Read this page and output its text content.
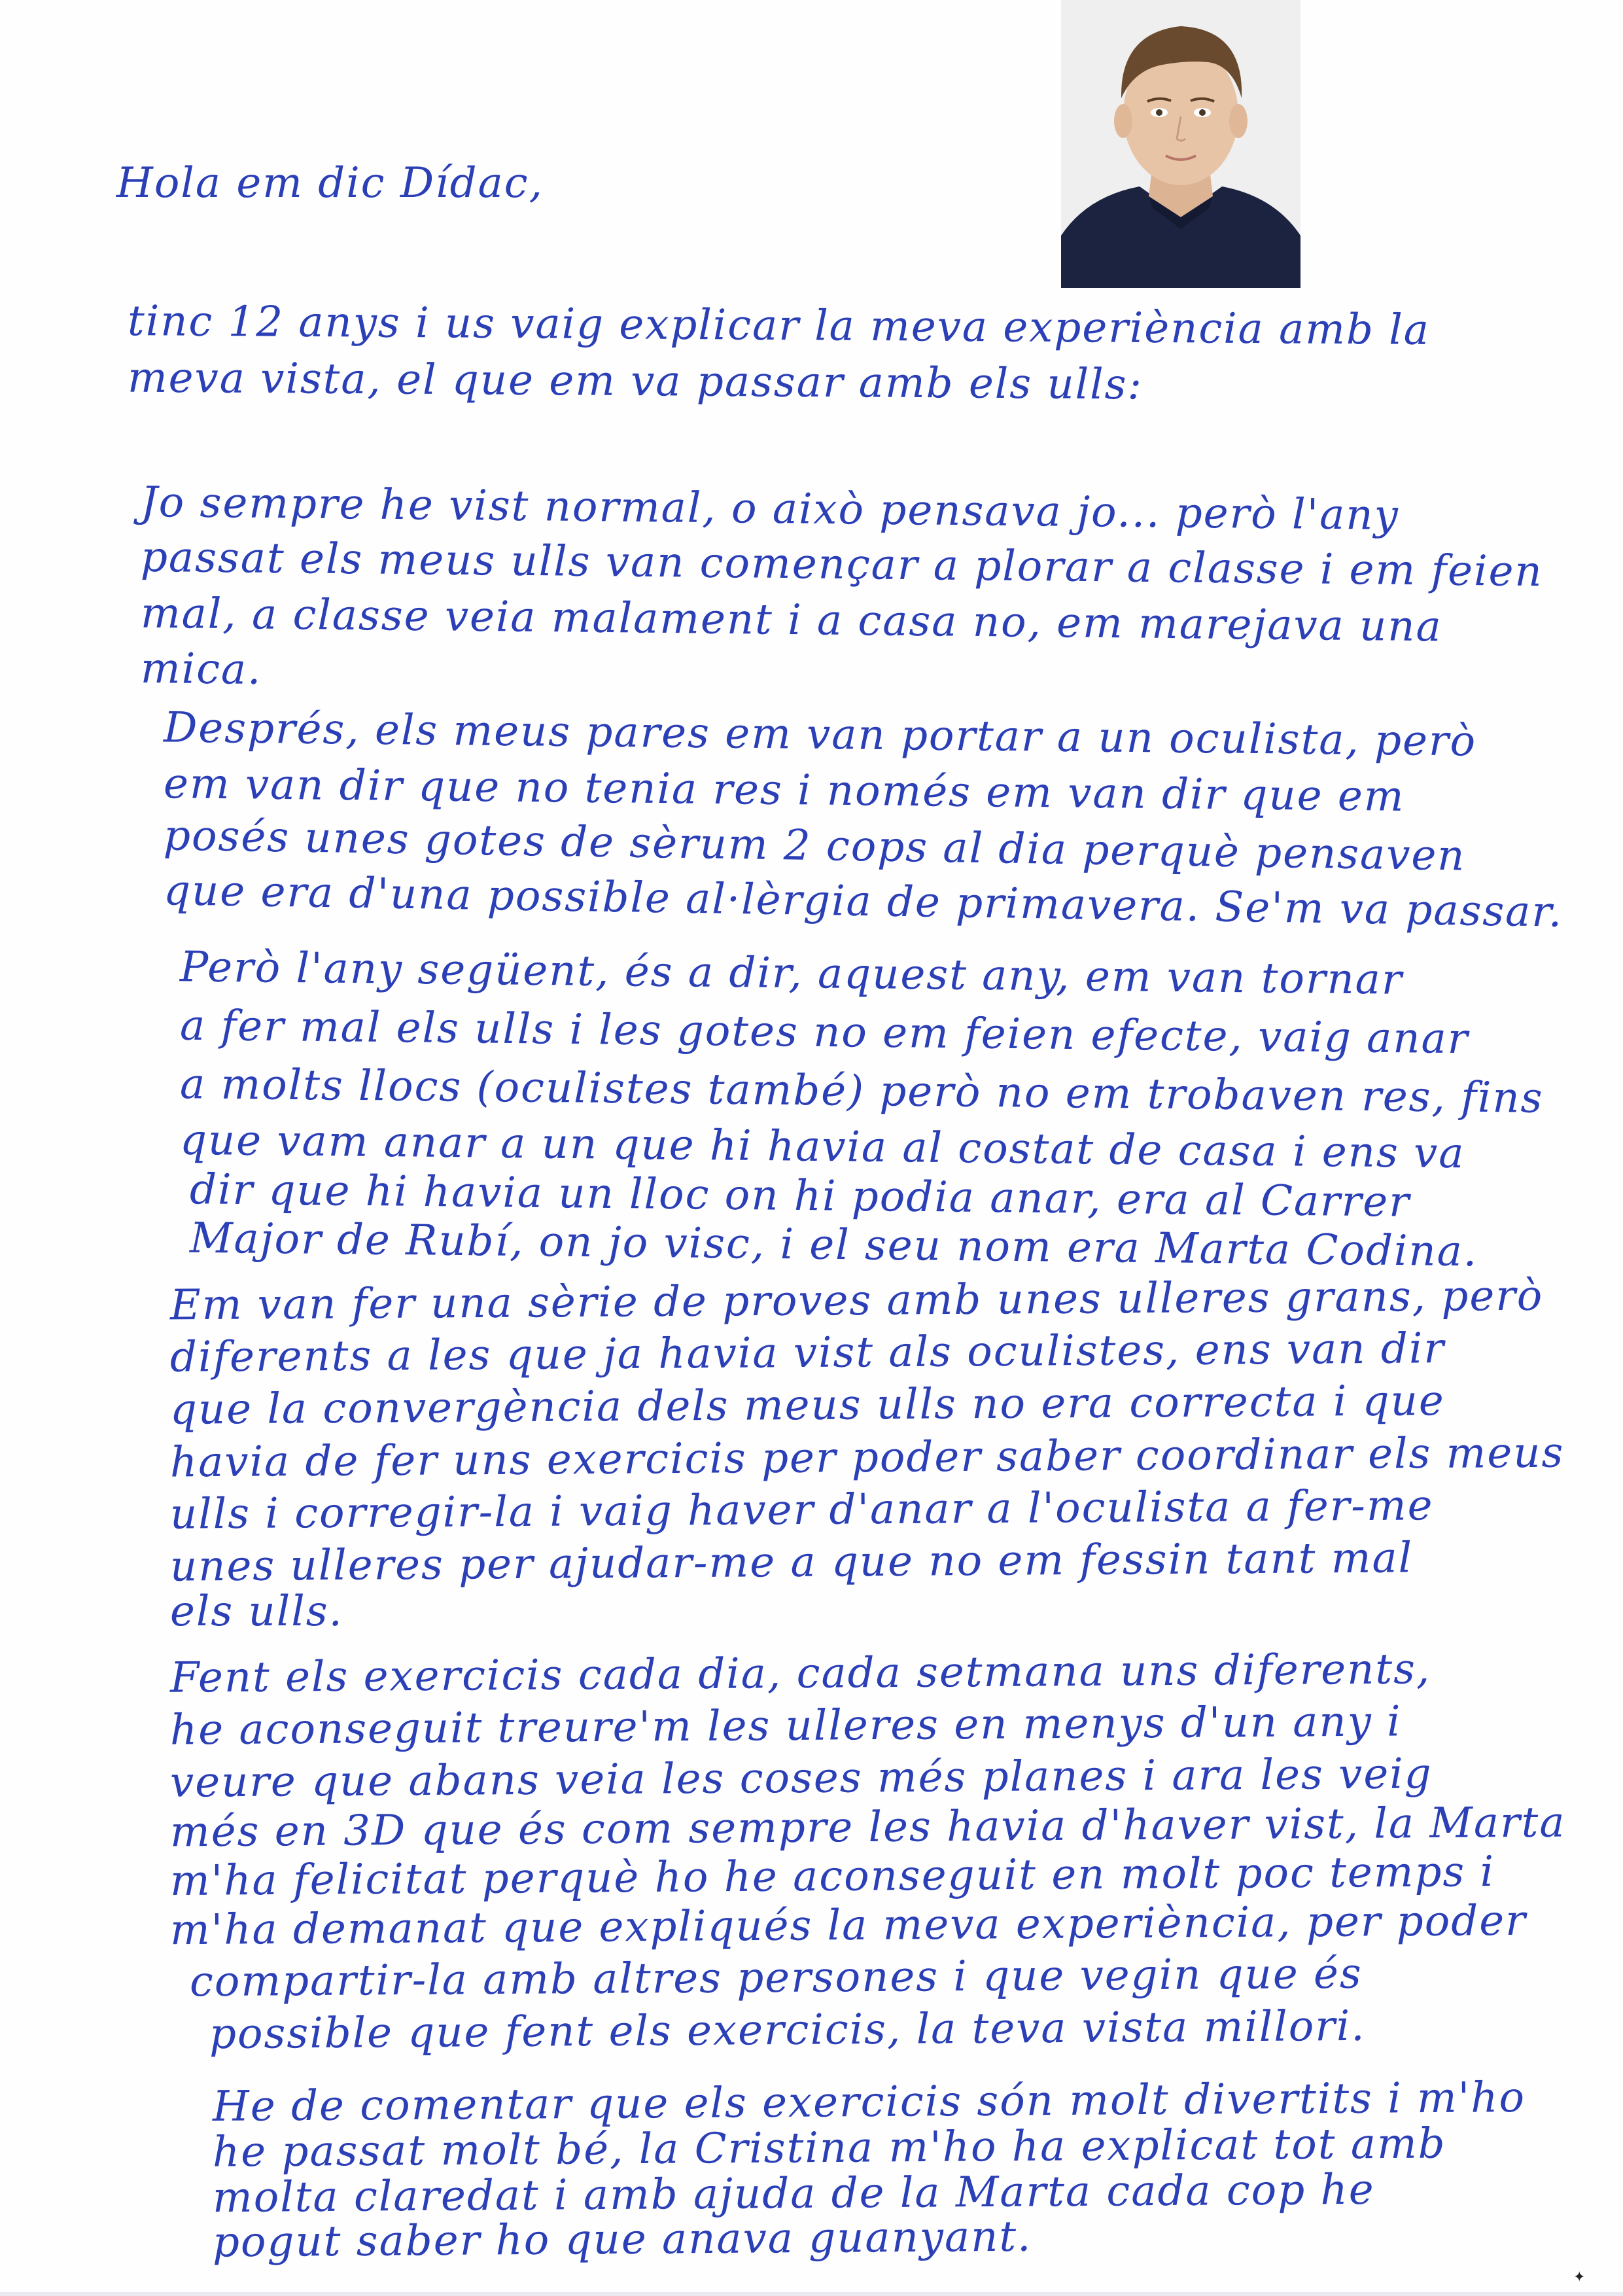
Hola em dic Dídac,
tinc 12 anys i us vaig explicar la meva experiència amb la
meva vista, el que em va passar amb els ulls:
Jo sempre he vist normal, o això pensava jo... però l'any
passat els meus ulls van començar a plorar a classe i em feien
mal, a classe veia malament i a casa no, em marejava una
mica.
Després, els meus pares em van portar a un oculista, però
em van dir que no tenia res i només em van dir que em
posés unes gotes de sèrum 2 cops al dia perquè pensaven
que era d'una possible al·lèrgia de primavera. Se'm va passar.
Però l'any següent, és a dir, aquest any, em van tornar
a fer mal els ulls i les gotes no em feien efecte, vaig anar
a molts llocs (oculistes també) però no em trobaven res, fins
que vam anar a un que hi havia al costat de casa i ens va
dir que hi havia un lloc on hi podia anar, era al Carrer
Major de Rubí, on jo visc, i el seu nom era Marta Codina.
Em van fer una sèrie de proves amb unes ulleres grans, però
diferents a les que ja havia vist als oculistes, ens van dir
que la convergència dels meus ulls no era correcta i que
havia de fer uns exercicis per poder saber coordinar els meus
ulls i corregir-la i vaig haver d'anar a l'oculista a fer-me
unes ulleres per ajudar-me a que no em fessin tant mal
els ulls.
Fent els exercicis cada dia, cada setmana uns diferents,
he aconseguit treure'm les ulleres en menys d'un any i
veure que abans veia les coses més planes i ara les veig
més en 3D que és com sempre les havia d'haver vist, la Marta
m'ha felicitat perquè ho he aconseguit en molt poc temps i
m'ha demanat que expliqués la meva experiència, per poder
compartir-la amb altres persones i que vegin que és
possible que fent els exercicis, la teva vista millori.
He de comentar que els exercicis són molt divertits i m'ho
he passat molt bé, la Cristina m'ho ha explicat tot amb
molta claredat i amb ajuda de la Marta cada cop he
pogut saber ho que anava guanyant.
✦
